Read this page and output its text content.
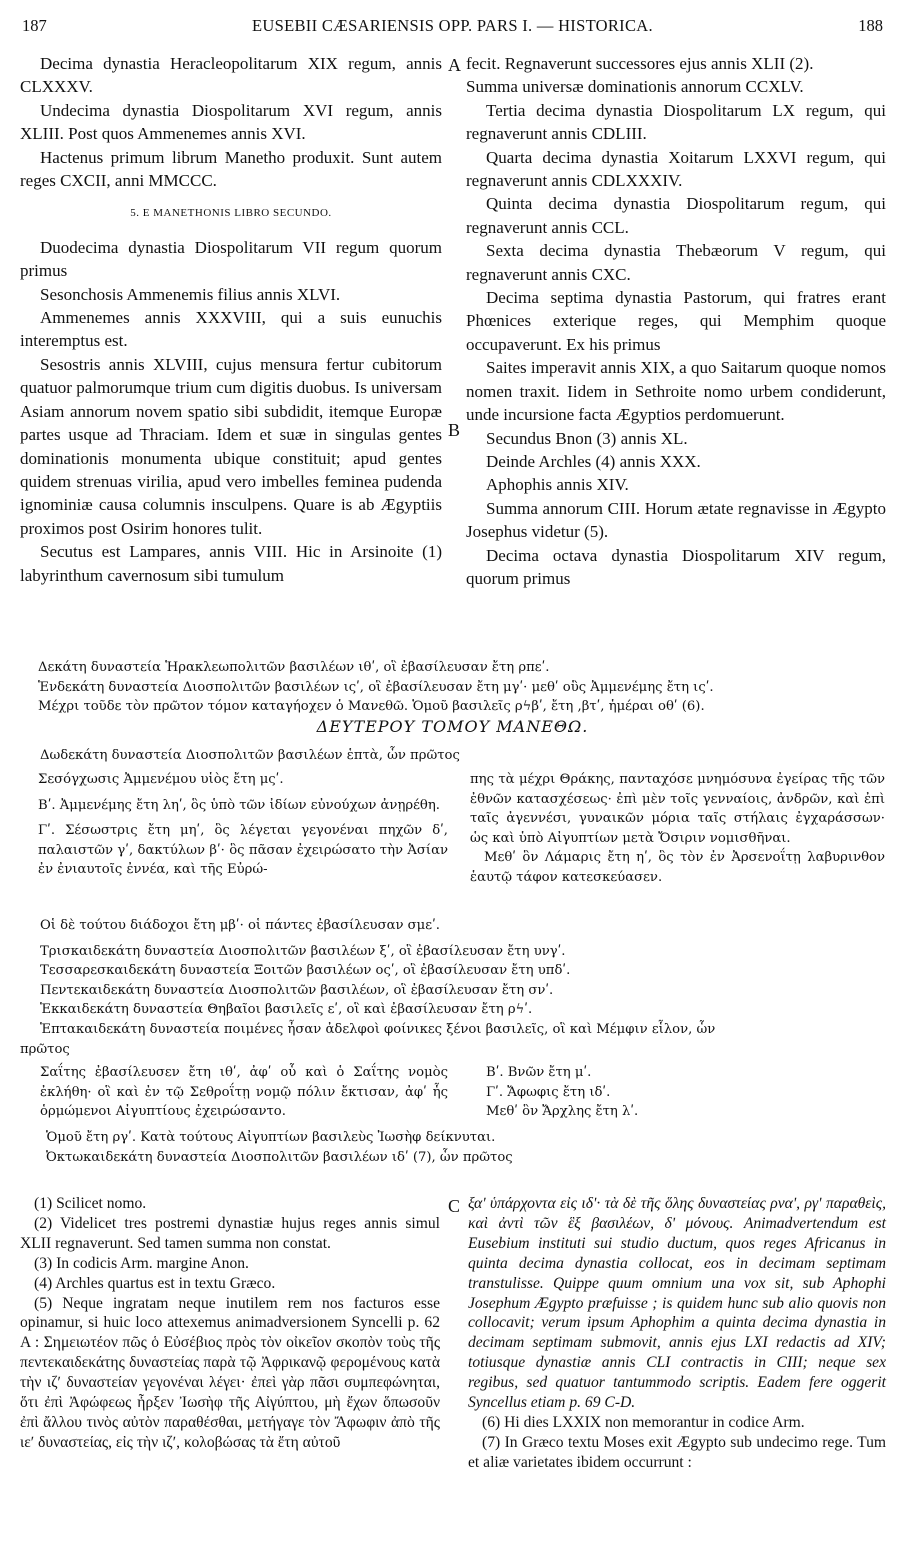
187	EUSEBII CÆSARIENSIS OPP. PARS I. — HISTORICA.	188
A
B
C

Decima dynastia Heracleopolitarum XIX regum, annis CLXXXV.

Undecima dynastia Diospolitarum XVI regum, annis XLIII. Post quos Ammenemes annis XVI.

Hactenus primum librum Manetho produxit. Sunt autem reges CXCII, anni MMCCC.

5. E MANETHONIS LIBRO SECUNDO.

Duodecima dynastia Diospolitarum VII regum quorum primus

Sesonchosis Ammenemis filius annis XLVI.

Ammenemes annis XXXVIII, qui a suis eunuchis interemptus est.

Sesostris annis XLVIII, cujus mensura fertur cubitorum quatuor palmorumque trium cum digitis duobus. Is universam Asiam annorum novem spatio sibi subdidit, itemque Europæ partes usque ad Thraciam. Idem et suæ in singulas gentes dominationis monumenta ubique constituit; apud gentes quidem strenuas virilia, apud vero imbelles feminea pudenda ignominiæ causa columnis insculpens. Quare is ab Ægyptiis proximos post Osirim honores tulit.

Secutus est Lampares, annis VIII. Hic in Arsinoite (1) labyrinthum cavernosum sibi tumulum

fecit. Regnaverunt successores ejus annis XLII (2).

Summa universæ dominationis annorum CCXLV.

Tertia decima dynastia Diospolitarum LX regum, qui regnaverunt annis CDLIII.

Quarta decima dynastia Xoitarum LXXVI regum, qui regnaverunt annis CDLXXXIV.

Quinta decima dynastia Diospolitarum regum, qui regnaverunt annis CCL.

Sexta decima dynastia Thebæorum V regum, qui regnaverunt annis CXC.

Decima septima dynastia Pastorum, qui fratres erant Phœnices exterique reges, qui Memphim quoque occupaverunt. Ex his primus

Saites imperavit annis XIX, a quo Saitarum quoque nomos nomen traxit. Iidem in Sethroite nomo urbem condiderunt, unde incursione facta Ægyptios perdomuerunt.

Secundus Bnon (3) annis XL.

Deinde Archles (4) annis XXX.

Aphophis annis XIV.

Summa annorum CIII. Horum ætate regnavisse in Ægypto Josephus videtur (5).

Decima octava dynastia Diospolitarum XIV regum, quorum primus

Δεκάτη δυναστεία Ἡρακλεωπολιτῶν βασιλέων ιθʹ, οἳ ἐβασίλευσαν ἔτη ρπεʹ.

Ἑνδεκάτη δυναστεία Διοσπολιτῶν βασιλέων ιςʹ, οἳ ἐβασίλευσαν ἔτη μγʹ· μεθʹ οὓς Ἀμμενέμης ἔτη ιςʹ.

Μέχρι τοῦδε τὸν πρῶτον τόμον καταγήοχεν ὁ Μανεθῶ. Ὁμοῦ βασιλεῖς ρϟβʹ, ἔτη ,βτʹ, ἡμέραι οθʹ (6).

ΔΕΥΤΕΡΟΥ ΤΟΜΟΥ ΜΑΝΕΘΩ.

Δωδεκάτη δυναστεία Διοσπολιτῶν βασιλέων ἑπτὰ, ὧν πρῶτος

Σεσόγχωσις Ἀμμενέμου υἱὸς ἔτη μςʹ.

Βʹ. Ἀμμενέμης ἔτη ληʹ, ὃς ὑπὸ τῶν ἰδίων εὐνούχων ἀνῃρέθη.

Γʹ. Σέσωστρις ἔτη μηʹ, ὃς λέγεται γεγονέναι πηχῶν δʹ, παλαιστῶν γʹ, δακτύλων βʹ· ὃς πᾶσαν ἐχειρώσατο τὴν Ἀσίαν ἐν ἐνιαυτοῖς ἐννέα, καὶ τῆς Εὐρώ-

πης τὰ μέχρι Θράκης, πανταχόσε μνημόσυνα ἐγείρας τῆς τῶν ἐθνῶν κατασχέσεως· ἐπὶ μὲν τοῖς γενναίοις, ἀνδρῶν, καὶ ἐπὶ ταῖς ἀγεννέσι, γυναικῶν μόρια ταῖς στήλαις ἐγχαράσσων· ὡς καὶ ὑπὸ Αἰγυπτίων μετὰ Ὄσιριν νομισθῆναι.

Μεθʹ ὃν Λάμαρις ἔτη ηʹ, ὃς τὸν ἐν Ἀρσενοΐτῃ λαβυρινθον ἑαυτῷ τάφον κατεσκεύασεν.

Οἱ δὲ τούτου διάδοχοι ἔτη μβʹ· οἱ πάντες ἐβασίλευσαν σμεʹ.

Τρισκαιδεκάτη δυναστεία Διοσπολιτῶν βασιλέων ξʹ, οἳ ἐβασίλευσαν ἔτη υνγʹ.

Τεσσαρεσκαιδεκάτη δυναστεία Ξοιτῶν βασιλέων οςʹ, οἳ ἐβασίλευσαν ἔτη υπδʹ.

Πεντεκαιδεκάτη δυναστεία Διοσπολιτῶν βασιλέων, οἳ ἐβασίλευσαν ἔτη σνʹ.

Ἑκκαιδεκάτη δυναστεία Θηβαῖοι βασιλεῖς εʹ, οἳ καὶ ἐβασίλευσαν ἔτη ρϟʹ.

Ἑπτακαιδεκάτη δυναστεία ποιμένες ἦσαν ἀδελφοὶ φοίνικες ξένοι βασιλεῖς, οἳ καὶ Μέμφιν εἷλον, ὧν

πρῶτος

Σαΐτης ἐβασίλευσεν ἔτη ιθʹ, ἀφʹ οὗ καὶ ὁ Σαΐτης νομὸς ἐκλήθη· οἳ καὶ ἐν τῷ Σεθροΐτῃ νομῷ πόλιν ἔκτισαν, ἀφʹ ἧς ὁρμώμενοι Αἰγυπτίους ἐχειρώσαντο.

Βʹ. Βνῶν ἔτη μʹ.

Γʹ. Ἄφωφις ἔτη ιδʹ.

Μεθʹ ὃν Ἄρχλης ἔτη λʹ.

Ὁμοῦ ἔτη ργʹ. Κατὰ τούτους Αἰγυπτίων βασιλεὺς Ἰωσὴφ δείκνυται.

Ὀκτωκαιδεκάτη δυναστεία Διοσπολιτῶν βασιλέων ιδʹ (7), ὧν πρῶτος

(1) Scilicet nomo.

(2) Videlicet tres postremi dynastiæ hujus reges annis simul XLII regnaverunt. Sed tamen summa non constat.

(3) In codicis Arm. margine Anon.

(4) Archles quartus est in textu Græco.

(5) Neque ingratam neque inutilem rem nos facturos esse opinamur, si huic loco attexemus animadversionem Syncelli p. 62 A : Σημειωτέον πῶς ὁ Εὐσέβιος πρὸς τὸν οἰκεῖον σκοπὸν τοὺς τῆς πεντεκαιδεκάτης δυναστείας παρὰ τῷ Ἀφρικανῷ φερομένους κατὰ τὴν ιζʹ δυναστείαν γεγονέναι λέγει· ἐπεὶ γὰρ πᾶσι συμπεφώνηται, ὅτι ἐπὶ Ἀφώφεως ἦρξεν Ἰωσὴφ τῆς Αἰγύπτου, μὴ ἔχων ὅπωσοῦν ἐπὶ ἄλλου τινὸς αὐτὸν παραθέσθαι, μετήγαγε τὸν Ἄφωφιν ἀπὸ τῆς ιεʹ δυναστείας, εἰς τὴν ιζʹ, κολοβώσας τὰ ἔτη αὐτοῦ

ξαʹ ὑπάρχοντα εἰς ιδʹ· τὰ δὲ τῆς ὅλης δυναστείας ρναʹ, ργʹ παραθεὶς, καὶ ἀντὶ τῶν ἓξ βασιλέων, δʹ μόνους. Animadvertendum est Eusebium instituti sui studio ductum, quos reges Africanus in quinta decima dynastia collocat, eos in decimam septimam transtulisse. Quippe quum omnium una vox sit, sub Aphophi Josephum Ægypto præfuisse ; is quidem hunc sub alio quovis non collocavit; verum ipsum Aphophim a quinta decima dynastia in decimam septimam submovit, annis ejus LXI redactis ad XIV; totiusque dynastiæ annis CLI contractis in CIII; neque sex regibus, sed quatuor tantummodo scriptis. Eadem fere oggerit Syncellus etiam p. 69 C-D.

(6) Hi dies LXXIX non memorantur in codice Arm.

(7) In Græco textu Moses exit Ægypto sub undecimo rege. Tum et aliæ varietates ibidem occurrunt :
